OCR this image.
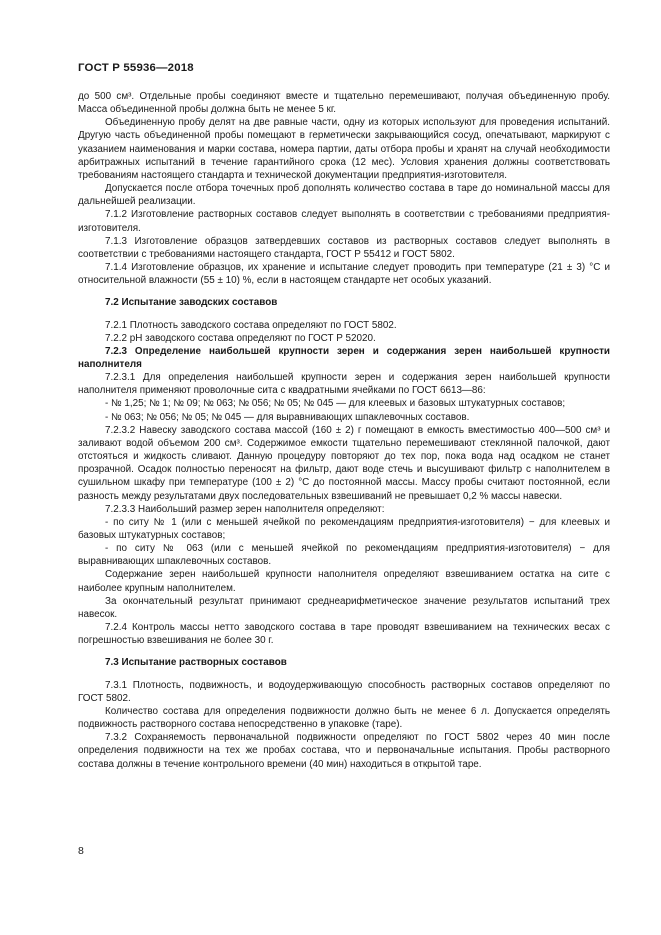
ГОСТ Р 55936—2018

до 500 см³. Отдельные пробы соединяют вместе и тщательно перемешивают, получая объединенную пробу. Масса объединенной пробы должна быть не менее 5 кг.

Объединенную пробу делят на две равные части, одну из которых используют для проведения испытаний. Другую часть объединенной пробы помещают в герметически закрывающийся сосуд, опечатывают, маркируют с указанием наименования и марки состава, номера партии, даты отбора пробы и хранят на случай необходимости арбитражных испытаний в течение гарантийного срока (12 мес). Условия хранения должны соответствовать требованиям настоящего стандарта и технической документации предприятия-изготовителя.

Допускается после отбора точечных проб дополнять количество состава в таре до номинальной массы для дальнейшей реализации.

7.1.2 Изготовление растворных составов следует выполнять в соответствии с требованиями предприятия-изготовителя.

7.1.3 Изготовление образцов затвердевших составов из растворных составов следует выполнять в соответствии с требованиями настоящего стандарта, ГОСТ Р 55412 и ГОСТ 5802.

7.1.4 Изготовление образцов, их хранение и испытание следует проводить при температуре (21 ± 3) °С и относительной влажности (55 ± 10) %, если в настоящем стандарте нет особых указаний.

7.2 Испытание заводских составов

7.2.1 Плотность заводского состава определяют по ГОСТ 5802.

7.2.2 pH заводского состава определяют по ГОСТ Р 52020.

7.2.3 Определение наибольшей крупности зерен и содержания зерен наибольшей крупности наполнителя

7.2.3.1 Для определения наибольшей крупности зерен и содержания зерен наибольшей крупности наполнителя применяют проволочные сита с квадратными ячейками по ГОСТ 6613—86:

- № 1,25; № 1; № 09; № 063; № 056; № 05; № 045 — для клеевых и базовых штукатурных составов;

- № 063; № 056; № 05; № 045 — для выравнивающих шпаклевочных составов.

7.2.3.2 Навеску заводского состава массой (160 ± 2) г помещают в емкость вместимостью 400—500 см³ и заливают водой объемом 200 см³. Содержимое емкости тщательно перемешивают стеклянной палочкой, дают отстояться и жидкость сливают. Данную процедуру повторяют до тех пор, пока вода над осадком не станет прозрачной. Осадок полностью переносят на фильтр, дают воде стечь и высушивают фильтр с наполнителем в сушильном шкафу при температуре (100 ± 2) °С до постоянной массы. Массу пробы считают постоянной, если разность между результатами двух последовательных взвешиваний не превышает 0,2 % массы навески.

7.2.3.3 Наибольший размер зерен наполнителя определяют:

- по ситу № 1 (или с меньшей ячейкой по рекомендациям предприятия-изготовителя) − для клеевых и базовых штукатурных составов;

- по ситу № 063 (или с меньшей ячейкой по рекомендациям предприятия-изготовителя) − для выравнивающих шпаклевочных составов.

Содержание зерен наибольшей крупности наполнителя определяют взвешиванием остатка на сите с наиболее крупным наполнителем.

За окончательный результат принимают среднеарифметическое значение результатов испытаний трех навесок.

7.2.4 Контроль массы нетто заводского состава в таре проводят взвешиванием на технических весах с погрешностью взвешивания не более 30 г.

7.3 Испытание растворных составов

7.3.1 Плотность, подвижность, и водоудерживающую способность растворных составов определяют по ГОСТ 5802.

Количество состава для определения подвижности должно быть не менее 6 л. Допускается определять подвижность растворного состава непосредственно в упаковке (таре).

7.3.2 Сохраняемость первоначальной подвижности определяют по ГОСТ 5802 через 40 мин после определения подвижности на тех же пробах состава, что и первоначальные испытания. Пробы растворного состава должны в течение контрольного времени (40 мин) находиться в открытой таре.

8
